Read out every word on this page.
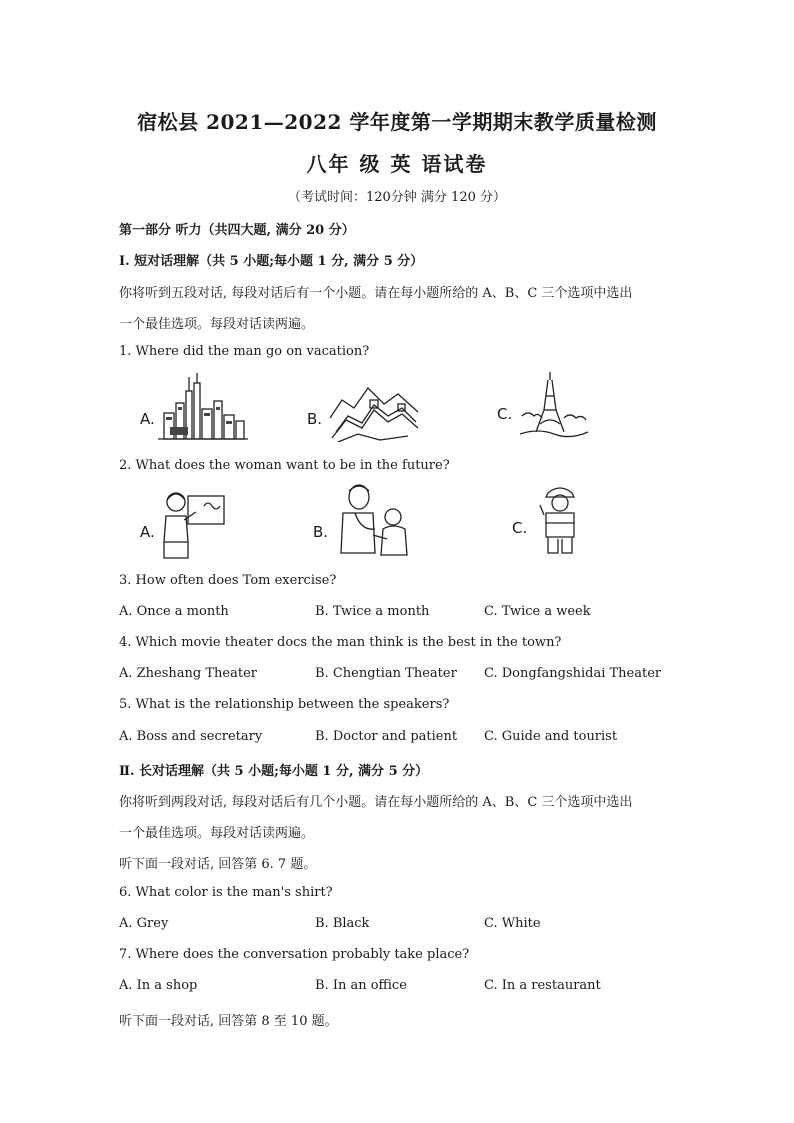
宿松县 2021—2022 学年度第一学期期末教学质量检测
八年 级 英 语试卷
（考试时间：120分钟 满分 120 分）
第一部分 听力（共四大题, 满分 20 分）
I. 短对话理解（共 5 小题;每小题 1 分, 满分 5 分）
你将听到五段对话, 每段对话后有一个小题。请在每小题所给的 A、B、C 三个选项中选出
一个最佳选项。每段对话读两遍。
1. Where did the man go on vacation?
A.	B.	C.
2. What does the woman want to be in the future?
A.	B.	C.
3. How often does Tom exercise?
A. Once a month	B. Twice a month	C. Twice a week
4. Which movie theater docs the man think is the best in the town?
A. Zheshang Theater	B. Chengtian Theater C. Dongfangshidai Theater
5. What is the relationship between the speakers?
A. Boss and secretary	B. Doctor and patient C. Guide and tourist
Ⅱ. 长对话理解（共 5 小题;每小题 1 分, 满分 5 分）
你将听到两段对话, 每段对话后有几个小题。请在每小题所给的 A、B、C 三个选项中选出
一个最佳选项。每段对话读两遍。
听下面一段对话, 回答第 6. 7 题。
6. What color is the man's shirt?
A. Grey	B. Black	C. White
7. Where does the conversation probably take place?
A. In a shop	B. In an office	C. In a restaurant
听下面一段对话, 回答第 8 至 10 题。
